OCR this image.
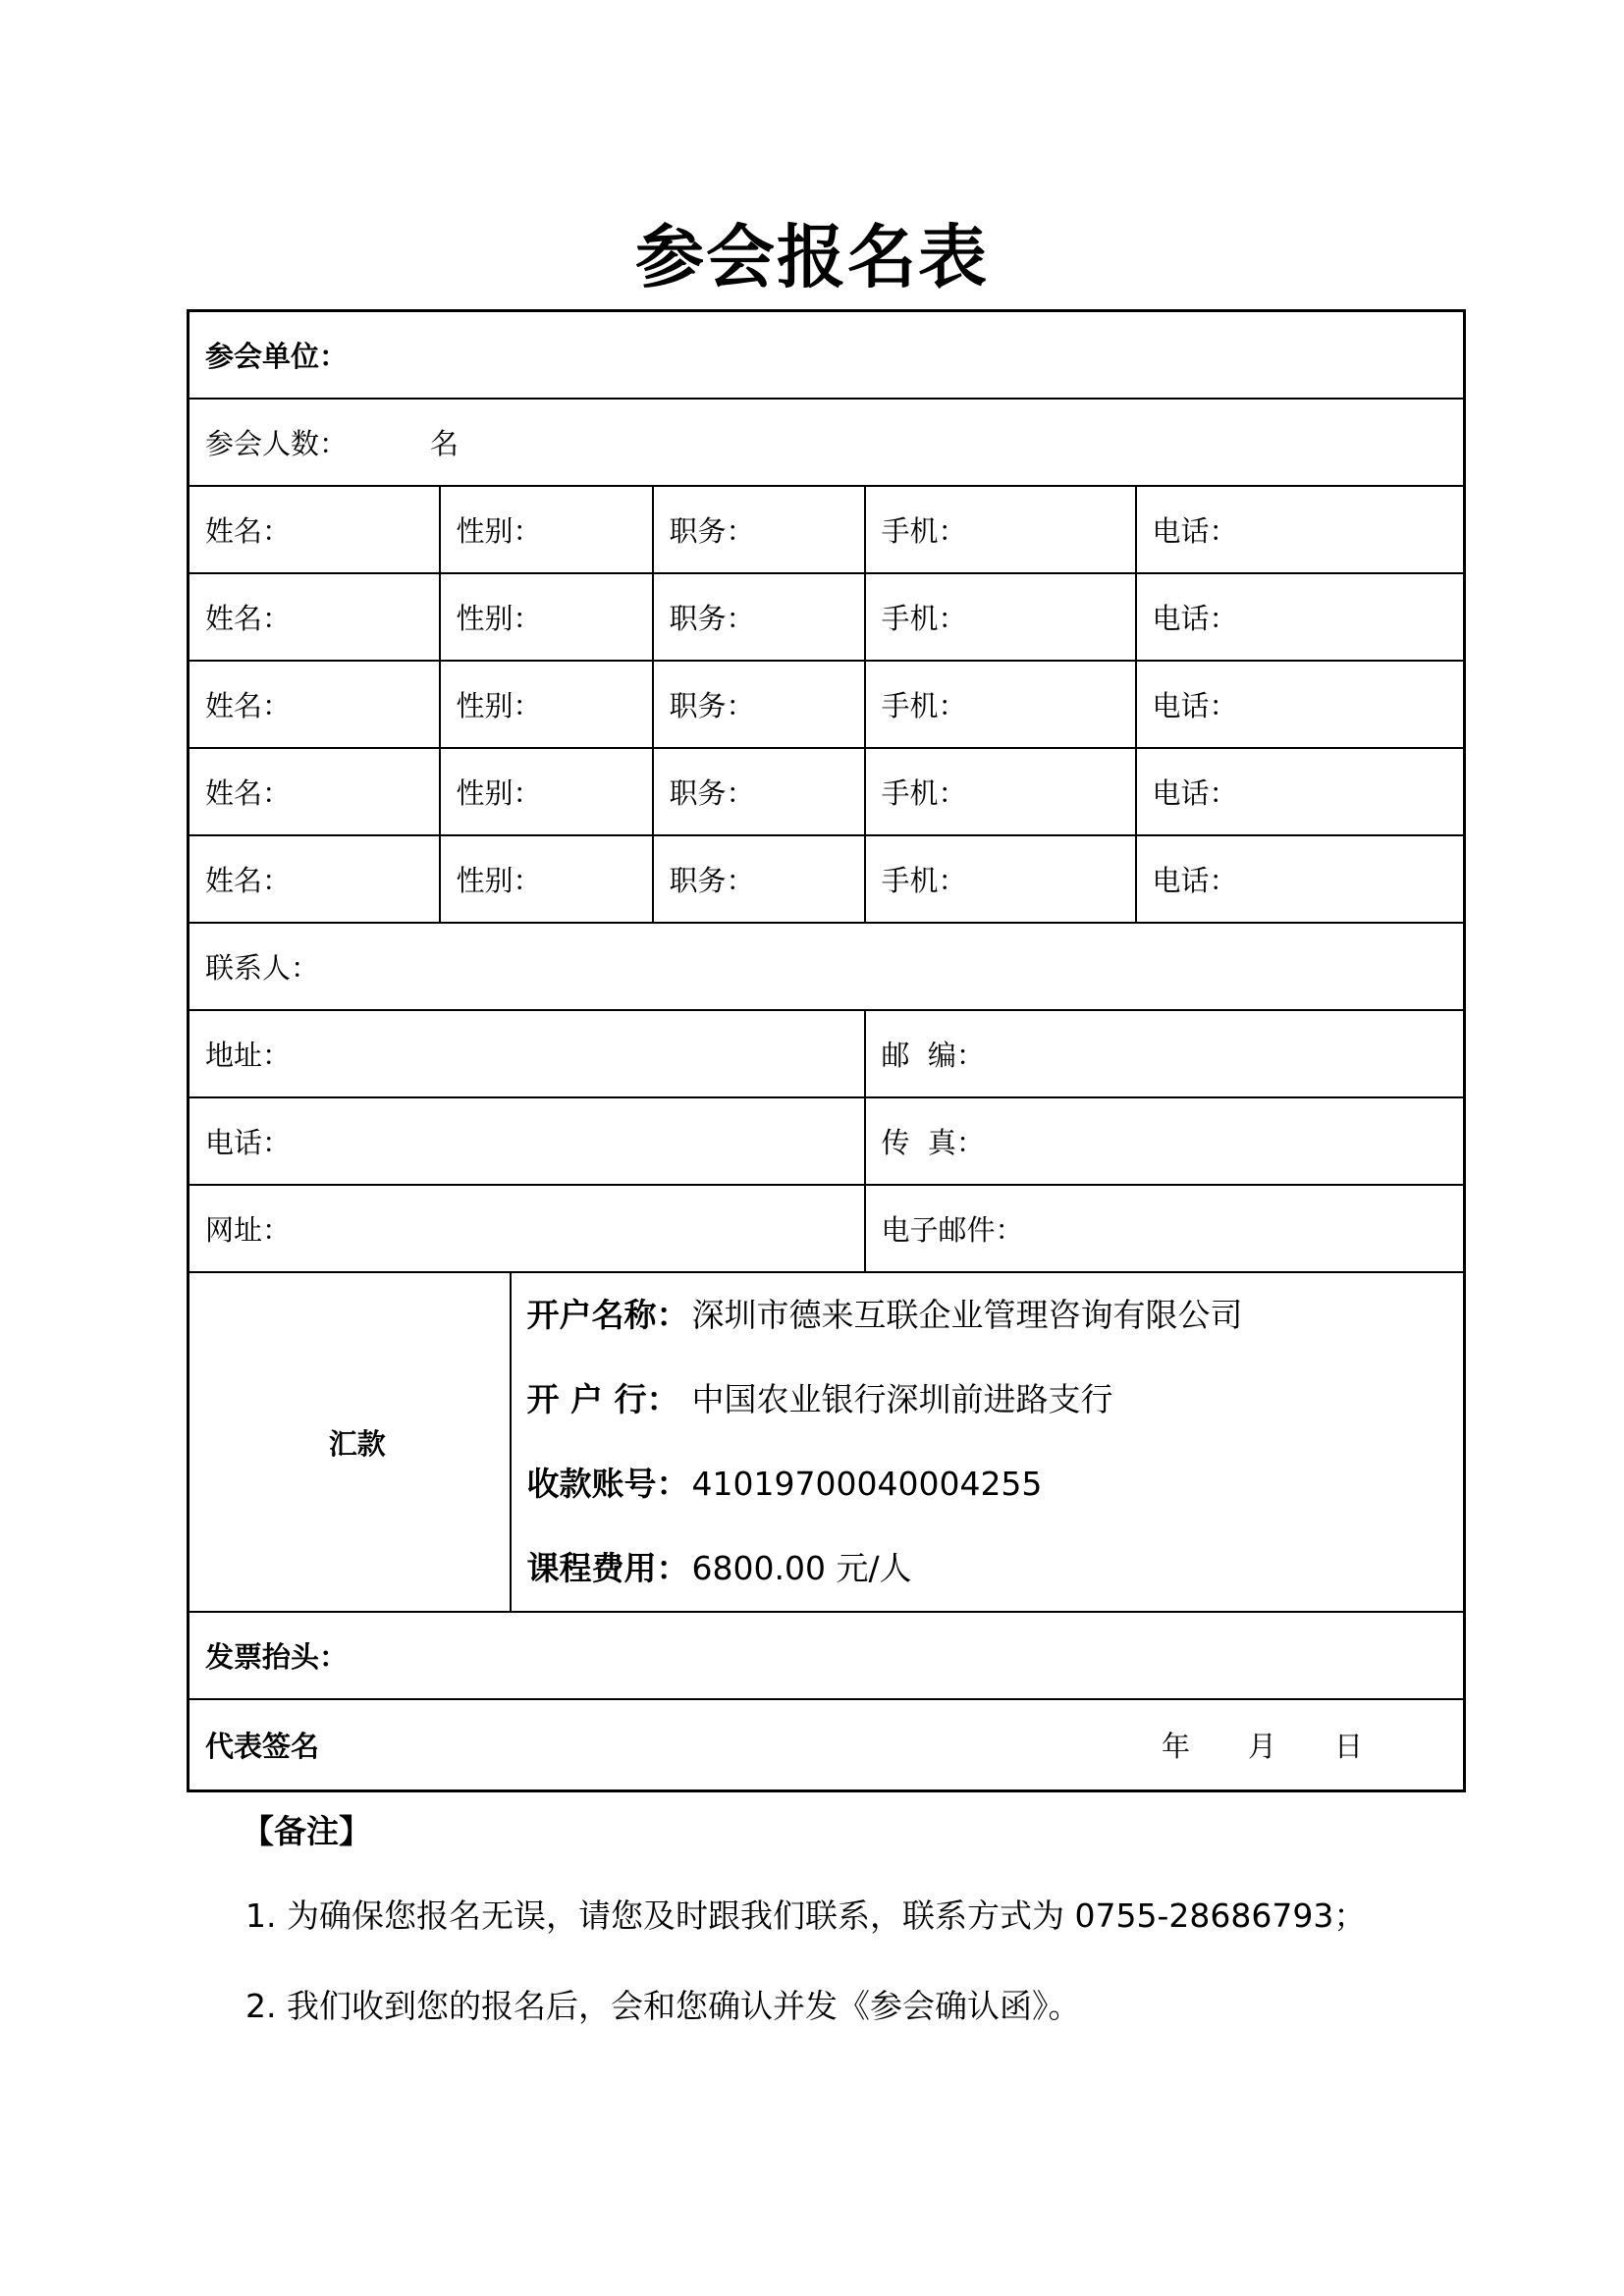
参会报名表
参会单位：					
参会人数： 名					
姓名：	性别：		职务：	手机：	电话：
姓名：	性别：		职务：	手机：	电话：
姓名：	性别：		职务：	手机：	电话：
姓名：	性别：		职务：	手机：	电话：
姓名：	性别：		职务：	手机：	电话：
联系人：					
地址：				邮  编：	
电话：				传  真：	
网址：				电子邮件：	
汇款		开户名称：深圳市德来互联企业管理咨询有限公司
开 户 行： 中国农业银行深圳前进路支行
收款账号：41019700040004255
课程费用：6800.00 元/人			

发票抬头：					
代表签名 年 月 日					
【备注】
1. 为确保您报名无误，请您及时跟我们联系，联系方式为 0755-28686793；
2. 我们收到您的报名后，会和您确认并发《参会确认函》。
